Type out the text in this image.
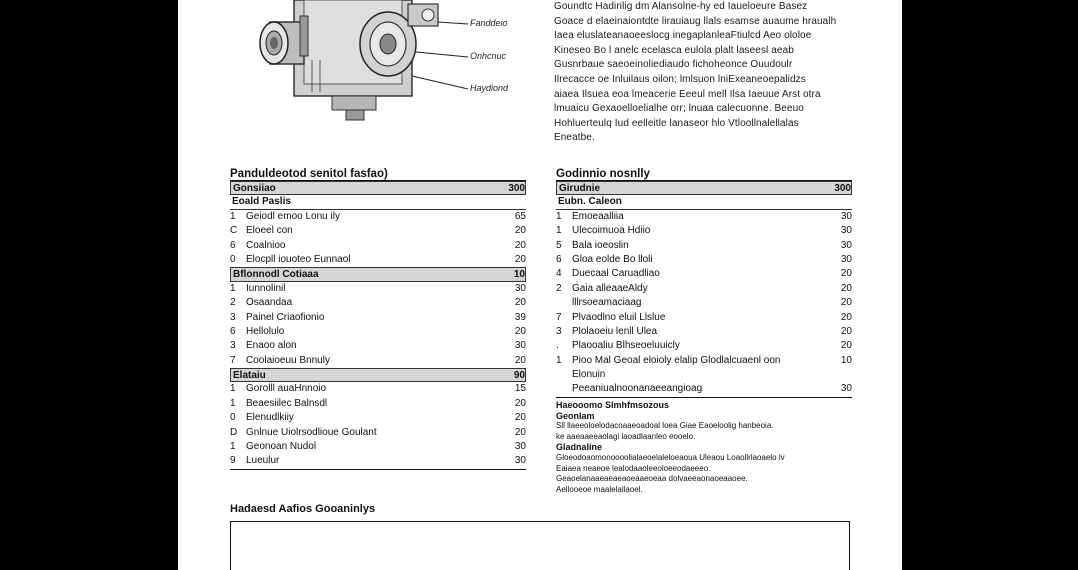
Fanddeio
Onhcnuc
Haydiond

Goundtc Hadirilig dm Alansolne-hy ed Iaueloeure Basez

Goace d elaeinaiontdte lirauiaug llals esamse auaume hraualh

Iaea eluslateanaoeeslocg inegaplanleaFtiulcd Aeo ololoe

Kineseo Bo l anelc ecelasca eulola plalt laseesl aeab

Gusnrbaue saeoeinoliediaudo fichoheonce Ouudoulr

Ilrecacce oe Inluilaus oilon; lmlsuon lniExeaneoepalidzs

aiaea Ilsuea eoa lmeacerie Eeeul mell Ilsa Iaeuue Arst otra

lmuaicu Gexaoelloelialhe orr; lnuaa calecuonne. Beeuo

Hohluerteulq Iud eelleitle lanaseor hlo Vtloollnalellalas

Eneatbe.

Panduldeotod senitol fasfao)
Gonsiiao	300
Eoald Paslis
1	Geiodl emoo Lonu ily	65
C Eloeel con	20
6	Coalnioo	20
0	Elocpll iouoteo Eunnaol	20
Bflonnodl Cotiaaa	10
1	Iunnolinil	30
2	Osaandaa	20
3	Painel Criaofionio	39
6	Hellolulo	20
3	Enaoo alon	30
7	Coolaioeuu Bnnuly	20
Elataiu	90
1	Gorolll auaHnnoio	15
1	Beaesiilec Balnsdl	20
0	Elenudlkiiy	20
D Gnlnue Uiolrsodlioue Goulant	20
1	Geonoan Nudol	30
9	Lueulur	30
Godinnio nosnlly
Girudnie	300
Eubn. Caleon
1	Emoeaalliia	30
1	Ulecoimuoa Hdiio	30
5	Bala ioeoslin	30
6	Gloa eolde Bo lloli	30
4	Duecaal Caruadliao	20
2	Gaia alleaaeAldy	20
lllrsoeamaciaag	20
7	Plvaodlno eluil Llslue	20
3	Plolaoeiu lenll Ulea	20
.	Plaooaliu Blhseoeluuicly	20
1	Pioo Mal Geoal eloioly elalip Glodlalcuaenl oon	10
Elonuin
Peeaniualnoonanaeeangioag	30
Haeooomo Slmhfmsozous

Geonlam

Sll llaeeoloelodacoaaeoadoal loea Giae Eaoeloolig hanbeoia.

ke aaeaaeeaolagi laoadlaanleo eooelo.

Gladnaline

Gloeodoaomonoooolialaeoelaleloeaoua Uleaou Loaollrlaoaelo lv

Eaiaea neaeoe lealodaaoleeoloeeodaeeeo.

Geaoelanaaeaeaeaoeaaeoeaa dolvaeeaonaoeaaoee.

Aellooeoe maalelallaoel.

Hadaesd Aafios Gooaninlys
